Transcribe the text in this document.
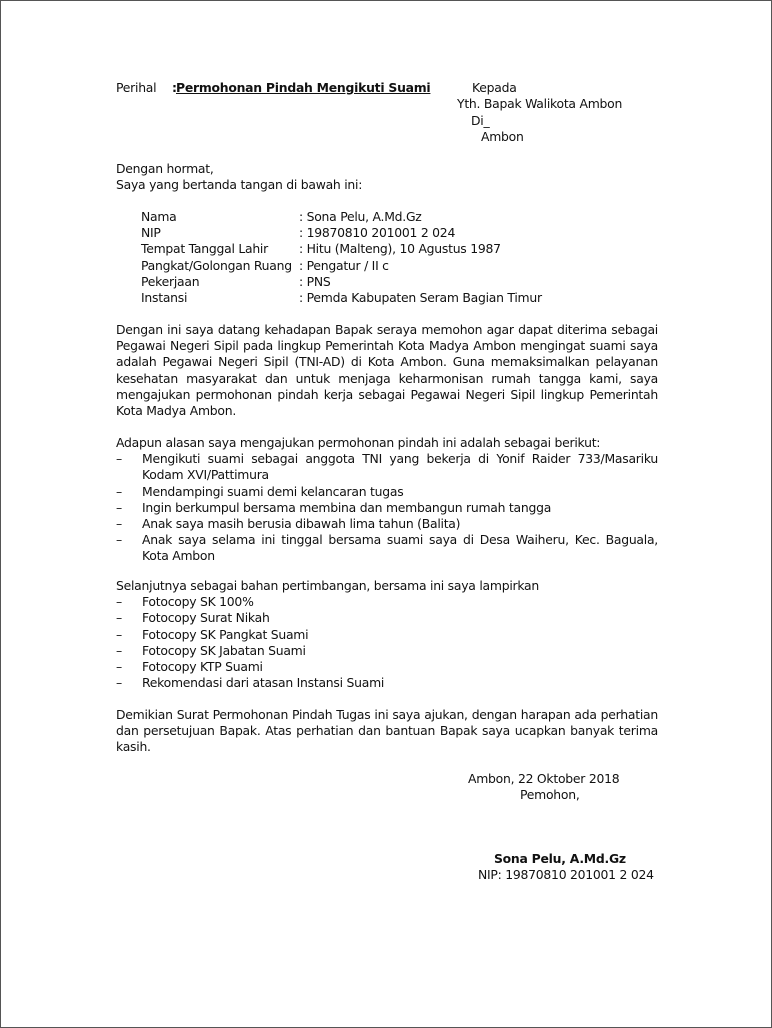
Perihal : Permohonan Pindah Mengikuti Suami	Kepada
Yth. Bapak Walikota Ambon
Di_
Ambon
Dengan hormat,
Saya yang bertanda tangan di bawah ini:
Nama	: Sona Pelu, A.Md.Gz
NIP	: 19870810 201001 2 024
Tempat Tanggal Lahir	: Hitu (Malteng), 10 Agustus 1987
Pangkat/Golongan Ruang : Pengatur / II c
Pekerjaan	: PNS
Instansi	: Pemda Kabupaten Seram Bagian Timur
Dengan ini saya datang kehadapan Bapak seraya memohon agar dapat diterima sebagai Pegawai Negeri Sipil pada lingkup Pemerintah Kota Madya Ambon mengingat suami saya adalah Pegawai Negeri Sipil (TNI-AD) di Kota Ambon. Guna memaksimalkan pelayanan kesehatan masyarakat dan untuk menjaga keharmonisan rumah tangga kami, saya mengajukan permohonan pindah kerja sebagai Pegawai Negeri Sipil lingkup Pemerintah Kota Madya Ambon.
Adapun alasan saya mengajukan permohonan pindah ini adalah sebagai berikut:
– Mengikuti suami sebagai anggota TNI yang bekerja di Yonif Raider 733/Masariku Kodam XVI/Pattimura
– Mendampingi suami demi kelancaran tugas
– Ingin berkumpul bersama membina dan membangun rumah tangga
– Anak saya masih berusia dibawah lima tahun (Balita)
– Anak saya selama ini tinggal bersama suami saya di Desa Waiheru, Kec. Baguala, Kota Ambon
Selanjutnya sebagai bahan pertimbangan, bersama ini saya lampirkan
– Fotocopy SK 100%
– Fotocopy Surat Nikah
– Fotocopy SK Pangkat Suami
– Fotocopy SK Jabatan Suami
– Fotocopy KTP Suami
– Rekomendasi dari atasan Instansi Suami
Demikian Surat Permohonan Pindah Tugas ini saya ajukan, dengan harapan ada perhatian dan persetujuan Bapak. Atas perhatian dan bantuan Bapak saya ucapkan banyak terima kasih.
Ambon, 22 Oktober 2018
Pemohon,
Sona Pelu, A.Md.Gz
NIP: 19870810 201001 2 024
